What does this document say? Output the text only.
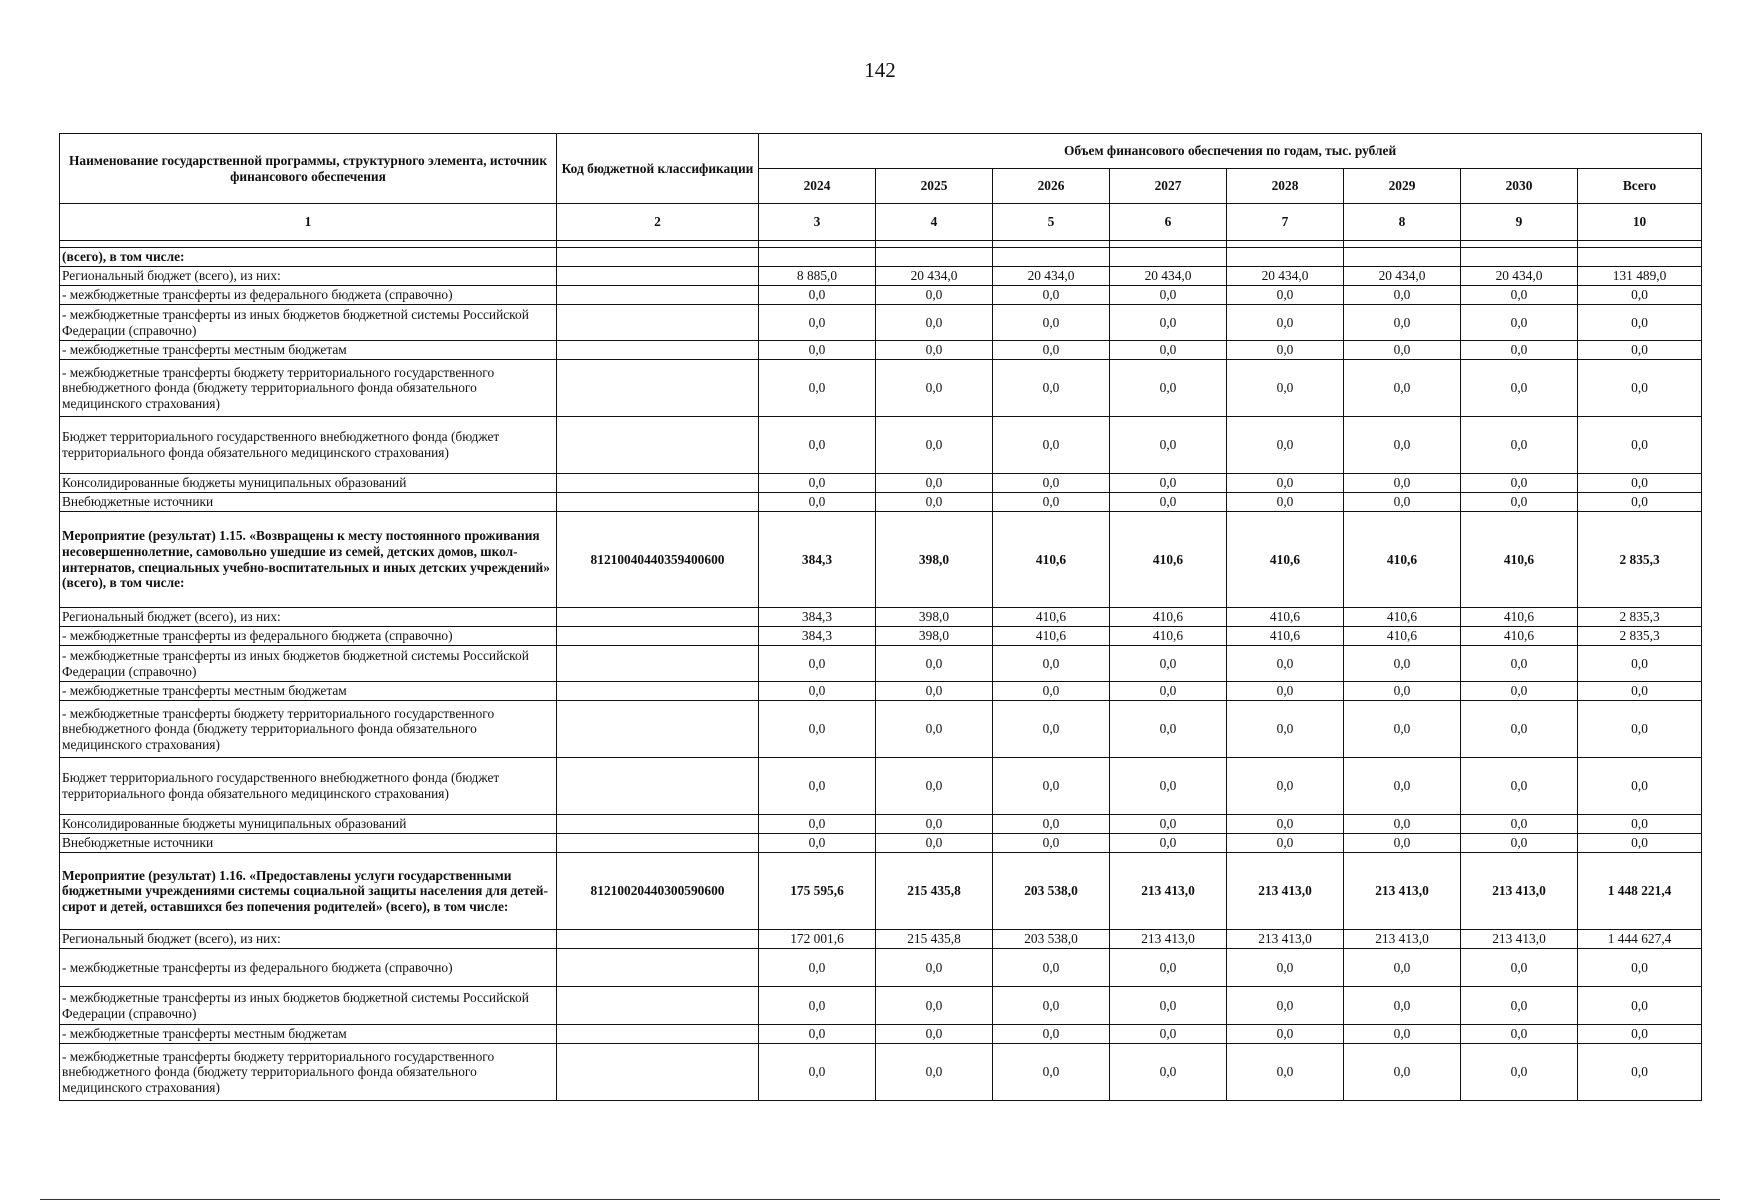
142
Наименование государственной программы, структурного элемента, источник финансового обеспечения	Код бюджетной классификации	Объем финансового обеспечения по годам, тыс. рублей							
		2024	2025	2026	2027	2028	2029	2030	Всего
1	2	3	4	5	6	7	8	9	10

(всего), в том числе:									
Региональный бюджет (всего), из них:		8 885,0	20 434,0	20 434,0	20 434,0	20 434,0	20 434,0	20 434,0	131 489,0
- межбюджетные трансферты из федерального бюджета (справочно)		0,0	0,0	0,0	0,0	0,0	0,0	0,0	0,0
- межбюджетные трансферты из иных бюджетов бюджетной системы Российской Федерации (справочно)		0,0	0,0	0,0	0,0	0,0	0,0	0,0	0,0
- межбюджетные трансферты местным бюджетам		0,0	0,0	0,0	0,0	0,0	0,0	0,0	0,0
- межбюджетные трансферты бюджету территориального государственного внебюджетного фонда (бюджету территориального фонда обязательного медицинского страхования)		0,0	0,0	0,0	0,0	0,0	0,0	0,0	0,0
Бюджет территориального государственного внебюджетного фонда (бюджет территориального фонда обязательного медицинского страхования)		0,0	0,0	0,0	0,0	0,0	0,0	0,0	0,0
Консолидированные бюджеты муниципальных образований		0,0	0,0	0,0	0,0	0,0	0,0	0,0	0,0
Внебюджетные источники		0,0	0,0	0,0	0,0	0,0	0,0	0,0	0,0
Мероприятие (результат) 1.15. «Возвращены к месту постоянного проживания несовершеннолетние, самовольно ушедшие из семей, детских домов, школ-интернатов, специальных учебно-воспитательных и иных детских учреждений» (всего), в том числе:	81210040440359400600	384,3	398,0	410,6	410,6	410,6	410,6	410,6	2 835,3
Региональный бюджет (всего), из них:		384,3	398,0	410,6	410,6	410,6	410,6	410,6	2 835,3
- межбюджетные трансферты из федерального бюджета (справочно)		384,3	398,0	410,6	410,6	410,6	410,6	410,6	2 835,3
- межбюджетные трансферты из иных бюджетов бюджетной системы Российской Федерации (справочно)		0,0	0,0	0,0	0,0	0,0	0,0	0,0	0,0
- межбюджетные трансферты местным бюджетам		0,0	0,0	0,0	0,0	0,0	0,0	0,0	0,0
- межбюджетные трансферты бюджету территориального государственного внебюджетного фонда (бюджету территориального фонда обязательного медицинского страхования)		0,0	0,0	0,0	0,0	0,0	0,0	0,0	0,0
Бюджет территориального государственного внебюджетного фонда (бюджет территориального фонда обязательного медицинского страхования)		0,0	0,0	0,0	0,0	0,0	0,0	0,0	0,0
Консолидированные бюджеты муниципальных образований		0,0	0,0	0,0	0,0	0,0	0,0	0,0	0,0
Внебюджетные источники		0,0	0,0	0,0	0,0	0,0	0,0	0,0	0,0
Мероприятие (результат) 1.16. «Предоставлены услуги государственными бюджетными учреждениями системы социальной защиты населения для детей-сирот и детей, оставшихся без попечения родителей» (всего), в том числе:	81210020440300590600	175 595,6	215 435,8	203 538,0	213 413,0	213 413,0	213 413,0	213 413,0	1 448 221,4
Региональный бюджет (всего), из них:		172 001,6	215 435,8	203 538,0	213 413,0	213 413,0	213 413,0	213 413,0	1 444 627,4
- межбюджетные трансферты из федерального бюджета (справочно)		0,0	0,0	0,0	0,0	0,0	0,0	0,0	0,0
- межбюджетные трансферты из иных бюджетов бюджетной системы Российской Федерации (справочно)		0,0	0,0	0,0	0,0	0,0	0,0	0,0	0,0
- межбюджетные трансферты местным бюджетам		0,0	0,0	0,0	0,0	0,0	0,0	0,0	0,0
- межбюджетные трансферты бюджету территориального государственного внебюджетного фонда (бюджету территориального фонда обязательного медицинского страхования)		0,0	0,0	0,0	0,0	0,0	0,0	0,0	0,0
